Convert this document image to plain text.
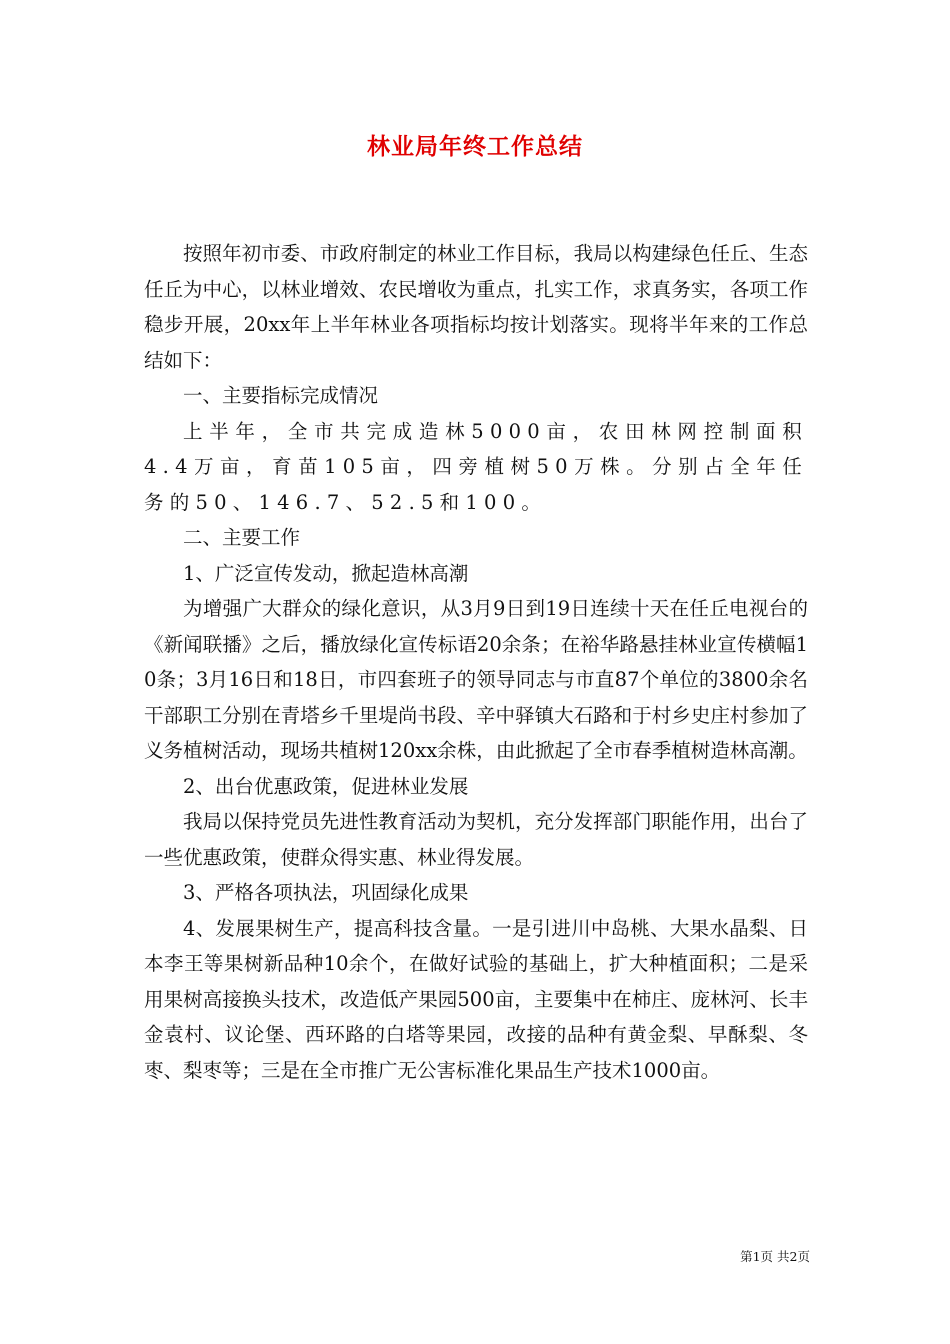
林业局年终工作总结

按照年初市委、市政府制定的林业工作目标，我局以构建绿色任丘、生态任丘为中心，以林业增效、农民增收为重点，扎实工作，求真务实，各项工作稳步开展，20xx年上半年林业各项指标均按计划落实。现将半年来的工作总结如下：

一、主要指标完成情况

上半年，全市共完成造林5000亩，农田林网控制面积4.4万亩，育苗105亩，四旁植树50万株。分别占全年任务的50、146.7、52.5和100。

二、主要工作

1、广泛宣传发动，掀起造林高潮

为增强广大群众的绿化意识，从3月9日到19日连续十天在任丘电视台的《新闻联播》之后，播放绿化宣传标语20余条；在裕华路悬挂林业宣传横幅10条；3月16日和18日，市四套班子的领导同志与市直87个单位的3800余名干部职工分别在青塔乡千里堤尚书段、辛中驿镇大石路和于村乡史庄村参加了义务植树活动，现场共植树120xx余株，由此掀起了全市春季植树造林高潮。

2、出台优惠政策，促进林业发展

我局以保持党员先进性教育活动为契机，充分发挥部门职能作用，出台了一些优惠政策，使群众得实惠、林业得发展。

3、严格各项执法，巩固绿化成果

4、发展果树生产，提高科技含量。一是引进川中岛桃、大果水晶梨、日本李王等果树新品种10余个，在做好试验的基础上，扩大种植面积；二是采用果树高接换头技术，改造低产果园500亩，主要集中在柿庄、庞林河、长丰金袁村、议论堡、西环路的白塔等果园，改接的品种有黄金梨、早酥梨、冬枣、梨枣等；三是在全市推广无公害标准化果品生产技术1000亩。

第1页 共2页
